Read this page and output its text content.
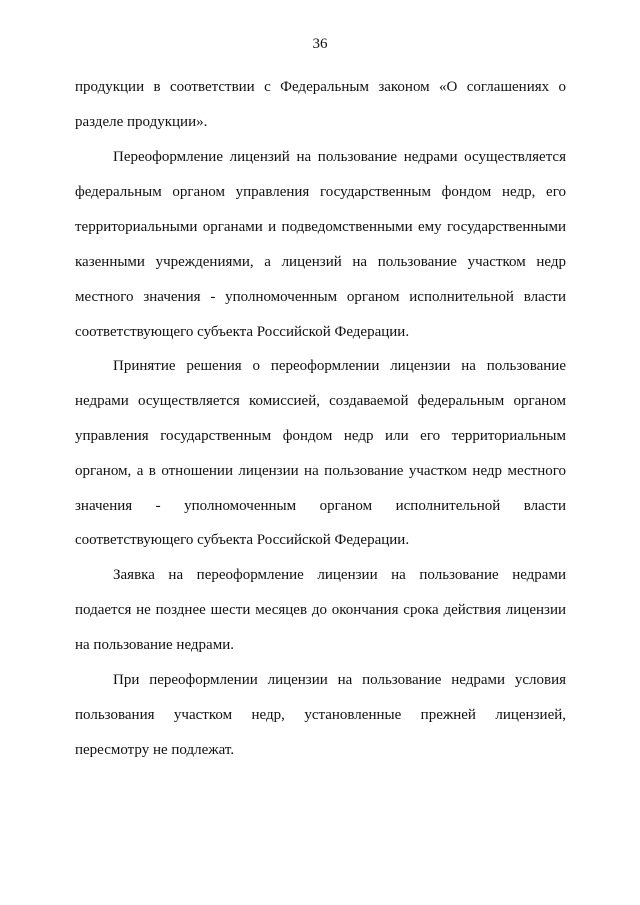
36
продукции в соответствии с Федеральным законом «О соглашениях о
разделе продукции».
Переоформление лицензий на пользование недрами осуществляется
федеральным органом управления государственным фондом недр, его
территориальными органами и подведомственными ему государственными
казенными учреждениями, а лицензий на пользование участком недр
местного значения - уполномоченным органом исполнительной власти
соответствующего субъекта Российской Федерации.
Принятие решения о переоформлении лицензии на пользование
недрами осуществляется комиссией, создаваемой федеральным органом
управления государственным фондом недр или его территориальным
органом, а в отношении лицензии на пользование участком недр местного
значения - уполномоченным органом исполнительной власти
соответствующего субъекта Российской Федерации.
Заявка на переоформление лицензии на пользование недрами
подается не позднее шести месяцев до окончания срока действия лицензии
на пользование недрами.
При переоформлении лицензии на пользование недрами условия
пользования участком недр, установленные прежней лицензией,
пересмотру не подлежат.
